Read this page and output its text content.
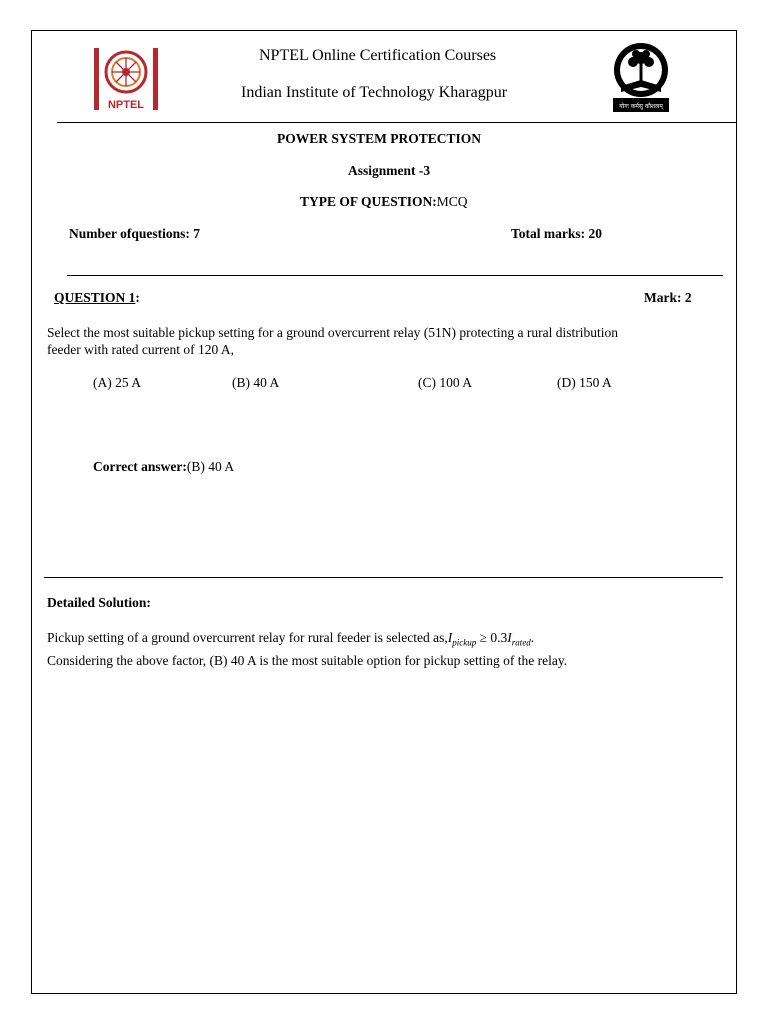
NPTEL	योगः कर्मसु कौशलम्
NPTEL Online Certification Courses
Indian Institute of Technology Kharagpur
POWER SYSTEM PROTECTION
Assignment -3
TYPE OF QUESTION:MCQ
Number ofquestions: 7	Total marks: 20
QUESTION 1:	Mark: 2
Select the most suitable pickup setting for a ground overcurrent relay (51N) protecting a rural distribution
feeder with rated current of 120 A,
(A) 25 A	(B) 40 A	(C) 100 A	(D) 150 A
Correct answer:(B) 40 A
Detailed Solution:
Pickup setting of a ground overcurrent relay for rural feeder is selected $as,I_{pickup} \ge 0.3I_{rated}$.
Considering the above factor, (B) 40 A is the most suitable option for pickup setting of the relay.
